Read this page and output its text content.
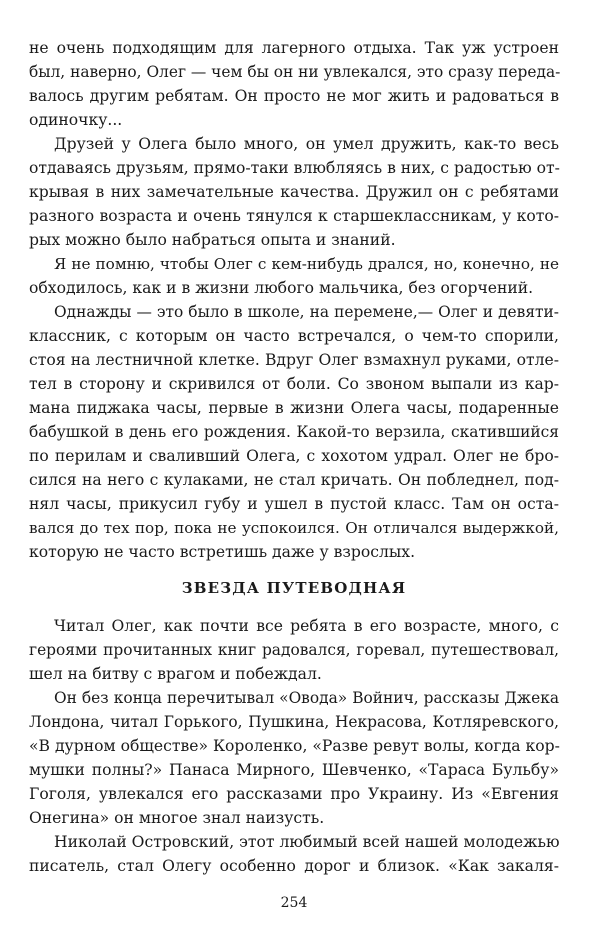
не очень подходящим для лагерного отдыха. Так уж устроен
был, наверно, Олег — чем бы он ни увлекался, это сразу переда-
валось другим ребятам. Он просто не мог жить и радоваться в
одиночку...
Друзей у Олега было много, он умел дружить, как-то весь
отдаваясь друзьям, прямо-таки влюбляясь в них, с радостью от-
крывая в них замечательные качества. Дружил он с ребятами
разного возраста и очень тянулся к старшеклассникам, у кото-
рых можно было набраться опыта и знаний.
Я не помню, чтобы Олег с кем-нибудь дрался, но, конечно, не
обходилось, как и в жизни любого мальчика, без огорчений.
Однажды — это было в школе, на перемене,— Олег и девяти-
классник, с которым он часто встречался, о чем-то спорили,
стоя на лестничной клетке. Вдруг Олег взмахнул руками, отле-
тел в сторону и скривился от боли. Со звоном выпали из кар-
мана пиджака часы, первые в жизни Олега часы, подаренные
бабушкой в день его рождения. Какой-то верзила, скатившийся
по перилам и сваливший Олега, с хохотом удрал. Олег не бро-
сился на него с кулаками, не стал кричать. Он побледнел, под-
нял часы, прикусил губу и ушел в пустой класс. Там он оста-
вался до тех пор, пока не успокоился. Он отличался выдержкой,
которую не часто встретишь даже у взрослых.
ЗВЕЗДА ПУТЕВОДНАЯ
Читал Олег, как почти все ребята в его возрасте, много, с
героями прочитанных книг радовался, горевал, путешествовал,
шел на битву с врагом и побеждал.
Он без конца перечитывал «Овода» Войнич, рассказы Джека
Лондона, читал Горького, Пушкина, Некрасова, Котляревского,
«В дурном обществе» Короленко, «Разве ревут волы, когда кор-
мушки полны?» Панаса Мирного, Шевченко, «Тараса Бульбу»
Гоголя, увлекался его рассказами про Украину. Из «Евгения
Онегина» он многое знал наизусть.
Николай Островский, этот любимый всей нашей молодежью
писатель, стал Олегу особенно дорог и близок. «Как закаля-
254
